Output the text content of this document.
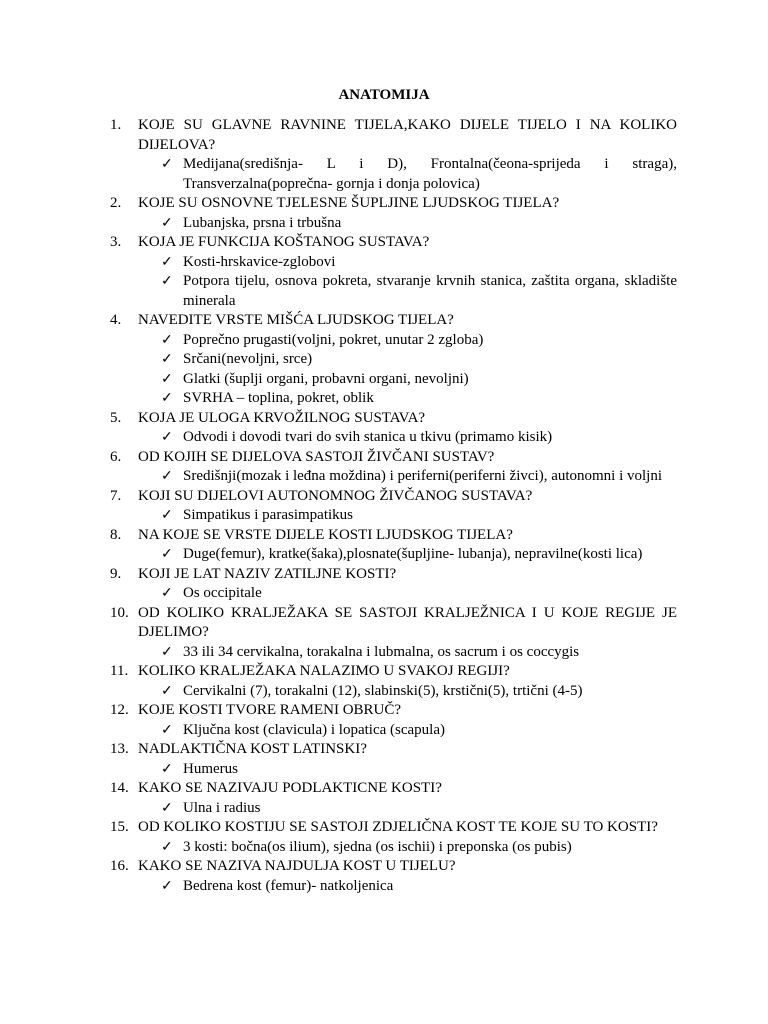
ANATOMIJA
1.	KOJE SU GLAVNE RAVNINE TIJELA,KAKO DIJELE TIJELO I NA KOLIKO DIJELOVA?
✓ Medijana(središnja- L i D), Frontalna(čeona-sprijeda i straga), Transverzalna(poprečna- gornja i donja polovica)
2.	KOJE SU OSNOVNE TJELESNE ŠUPLJINE LJUDSKOG TIJELA?
✓ Lubanjska, prsna i trbušna
3.	KOJA JE FUNKCIJA KOŠTANOG SUSTAVA?
✓ Kosti-hrskavice-zglobovi
✓ Potpora tijelu, osnova pokreta, stvaranje krvnih stanica, zaštita organa, skladište minerala
4.	NAVEDITE VRSTE MIŠĆA LJUDSKOG TIJELA?
✓ Poprečno prugasti(voljni, pokret, unutar 2 zgloba)
✓ Srčani(nevoljni, srce)
✓ Glatki (šuplji organi, probavni organi, nevoljni)
✓ SVRHA – toplina, pokret, oblik
5.	KOJA JE ULOGA KRVOŽILNOG SUSTAVA?
✓ Odvodi i dovodi tvari do svih stanica u tkivu (primamo kisik)
6.	OD KOJIH SE DIJELOVA SASTOJI ŽIVČANI SUSTAV?
✓ Središnji(mozak i leđna moždina) i periferni(periferni živci), autonomni i voljni
7.	KOJI SU DIJELOVI AUTONOMNOG ŽIVČANOG SUSTAVA?
✓ Simpatikus i parasimpatikus
8.	NA KOJE SE VRSTE DIJELE KOSTI LJUDSKOG TIJELA?
✓ Duge(femur), kratke(šaka),plosnate(šupljine- lubanja), nepravilne(kosti lica)
9.	KOJI JE LAT NAZIV ZATILJNE KOSTI?
✓ Os occipitale
10. OD KOLIKO KRALJEŽAKA SE SASTOJI KRALJEŽNICA I U KOJE REGIJE JE DJELIMO?
✓ 33 ili 34 cervikalna, torakalna i lubmalna, os sacrum i os coccygis
11. KOLIKO KRALJEŽAKA NALAZIMO U SVAKOJ REGIJI?
✓ Cervikalni (7), torakalni (12), slabinski(5), krstični(5), trtični (4-5)
12. KOJE KOSTI TVORE RAMENI OBRUČ?
✓ Ključna kost (clavicula) i lopatica (scapula)
13. NADLAKTIČNA KOST LATINSKI?
✓ Humerus
14. KAKO SE NAZIVAJU PODLAKTICNE KOSTI?
✓ Ulna i radius
15. OD KOLIKO KOSTIJU SE SASTOJI ZDJELIČNA KOST TE KOJE SU TO KOSTI?
✓ 3 kosti: bočna(os ilium), sjedna (os ischii) i preponska (os pubis)
16. KAKO SE NAZIVA NAJDULJA KOST U TIJELU?
✓ Bedrena kost (femur)- natkoljenica
